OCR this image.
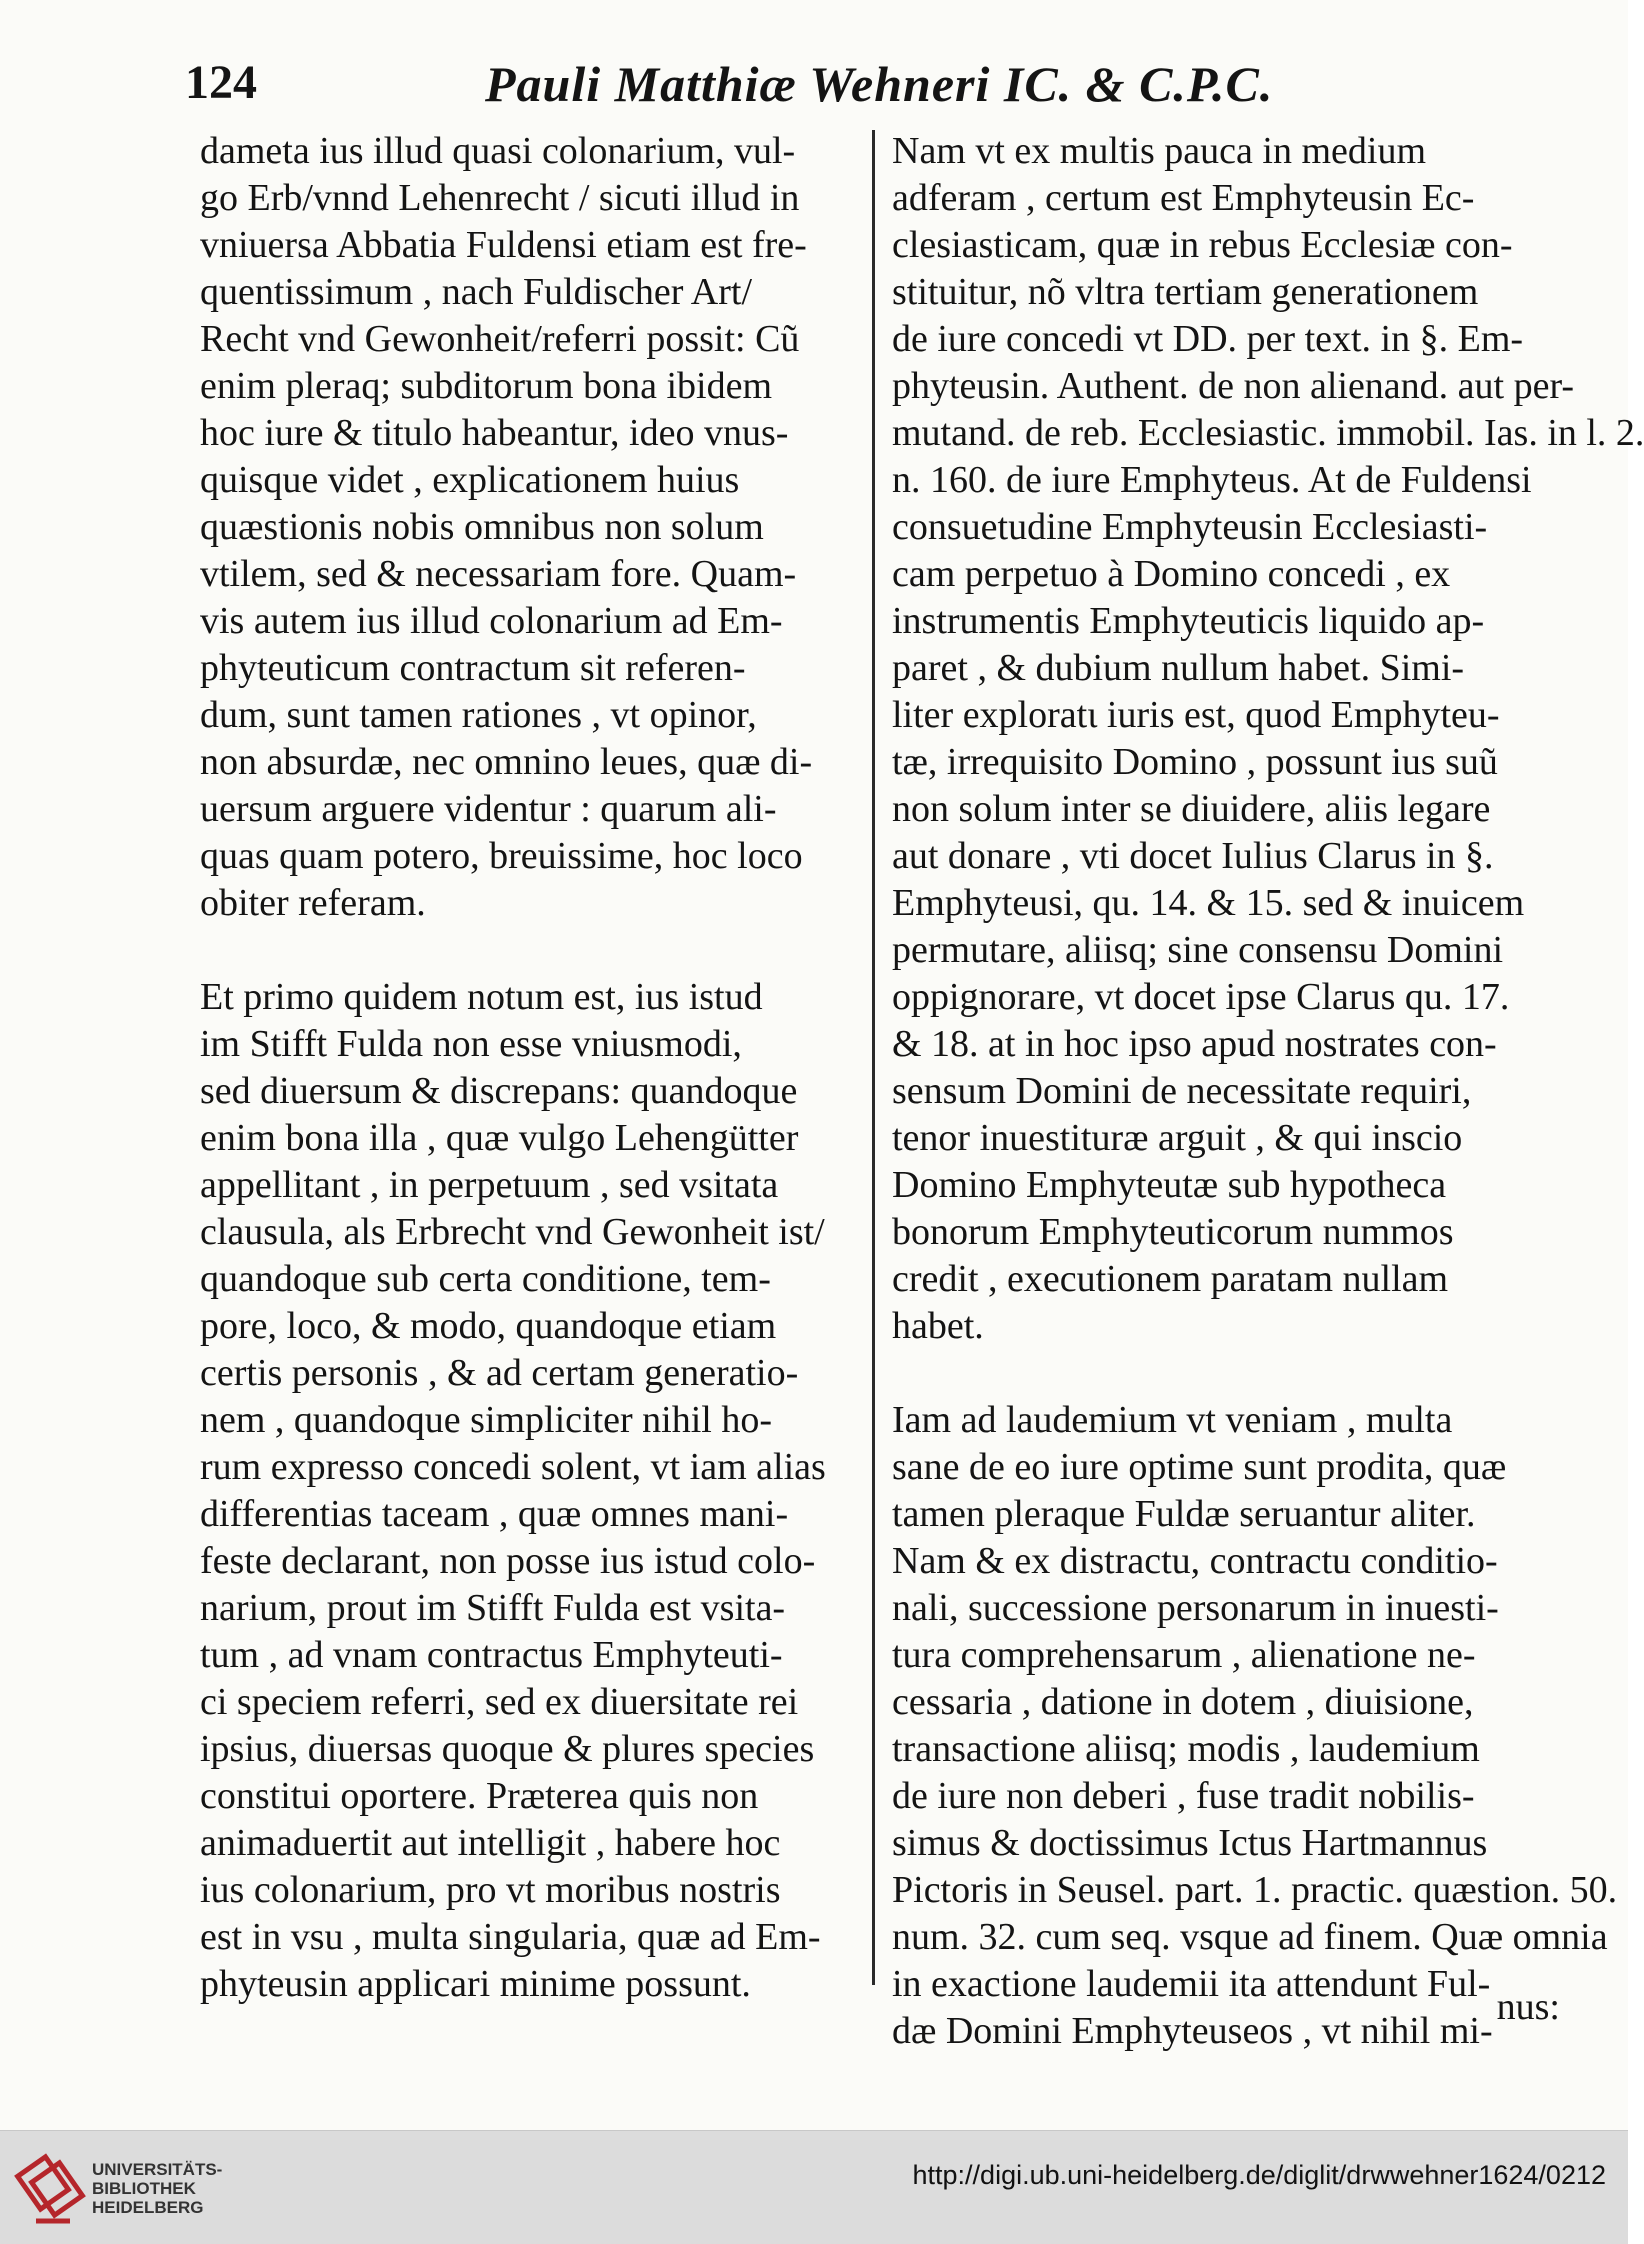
124	Pauli Matthiæ Wehneri IC. & C.P.C.
dameta ius illud quasi colonarium, vul-
go Erb/vnnd Lehenrecht / sicuti illud in
vniuersa Abbatia Fuldensi etiam est fre-
quentissimum , nach Fuldischer Art/
Recht vnd Gewonheit/referri possit: Cũ
enim pleraq; subditorum bona ibidem
hoc iure & titulo habeantur, ideo vnus-
quisque videt , explicationem huius
quæstionis nobis omnibus non solum
vtilem, sed & necessariam fore. Quam-
vis autem ius illud colonarium ad Em-
phyteuticum contractum sit referen-
dum, sunt tamen rationes , vt opinor,
non absurdæ, nec omnino leues, quæ di-
uersum arguere videntur : quarum ali-
quas quam potero, breuissime, hoc loco
obiter referam.
Et primo quidem notum est, ius istud
im Stifft Fulda non esse vniusmodi,
sed diuersum & discrepans: quandoque
enim bona illa , quæ vulgo Lehengütter
appellitant , in perpetuum , sed vsitata
clausula, als Erbrecht vnd Gewonheit ist/
quandoque sub certa conditione, tem-
pore, loco, & modo, quandoque etiam
certis personis , & ad certam generatio-
nem , quandoque simpliciter nihil ho-
rum expresso concedi solent, vt iam alias
differentias taceam , quæ omnes mani-
feste declarant, non posse ius istud colo-
narium, prout im Stifft Fulda est vsita-
tum , ad vnam contractus Emphyteuti-
ci speciem referri, sed ex diuersitate rei
ipsius, diuersas quoque & plures species
constitui oportere. Præterea quis non
animaduertit aut intelligit , habere hoc
ius colonarium, pro vt moribus nostris
est in vsu , multa singularia, quæ ad Em-
phyteusin applicari minime possunt.
Nam vt ex multis pauca in medium
adferam , certum est Emphyteusin Ec-
clesiasticam, quæ in rebus Ecclesiæ con-
stituitur, nõ vltra tertiam generationem
de iure concedi vt DD. per text. in §. Em-
phyteusin. Authent. de non alienand. aut per-
mutand. de reb. Ecclesiastic. immobil. Ias. in l. 2.
n. 160. de iure Emphyteus. At de Fuldensi
consuetudine Emphyteusin Ecclesiasti-
cam perpetuo à Domino concedi , ex
instrumentis Emphyteuticis liquido ap-
paret , & dubium nullum habet. Simi-
liter exploratι iuris est, quod Emphyteu-
tæ, irrequisito Domino , possunt ius suũ
non solum inter se diuidere, aliis legare
aut donare , vti docet Iulius Clarus in §.
Emphyteusi, qu. 14. & 15. sed & inuicem
permutare, aliisq; sine consensu Domini
oppignorare, vt docet ipse Clarus qu. 17.
& 18. at in hoc ipso apud nostrates con-
sensum Domini de necessitate requiri,
tenor inuestituræ arguit , & qui inscio
Domino Emphyteutæ sub hypotheca
bonorum Emphyteuticorum nummos
credit , executionem paratam nullam
habet.
Iam ad laudemium vt veniam , multa
sane de eo iure optime sunt prodita, quæ
tamen pleraque Fuldæ seruantur aliter.
Nam & ex distractu, contractu conditio-
nali, successione personarum in inuesti-
tura comprehensarum , alienatione ne-
cessaria , datione in dotem , diuisione,
transactione aliisq; modis , laudemium
de iure non deberi , fuse tradit nobilis-
simus & doctissimus Ictus Hartmannus
Pictoris in Seusel. part. 1. practic. quæstion. 50.
num. 32. cum seq. vsque ad finem. Quæ omnia
in exactione laudemii ita attendunt Ful-
dæ Domini Emphyteuseos , vt nihil mi-
nus:
UNIVERSITÄTS-
BIBLIOTHEK
HEIDELBERG
http://digi.ub.uni-heidelberg.de/diglit/drwwehner1624/0212
